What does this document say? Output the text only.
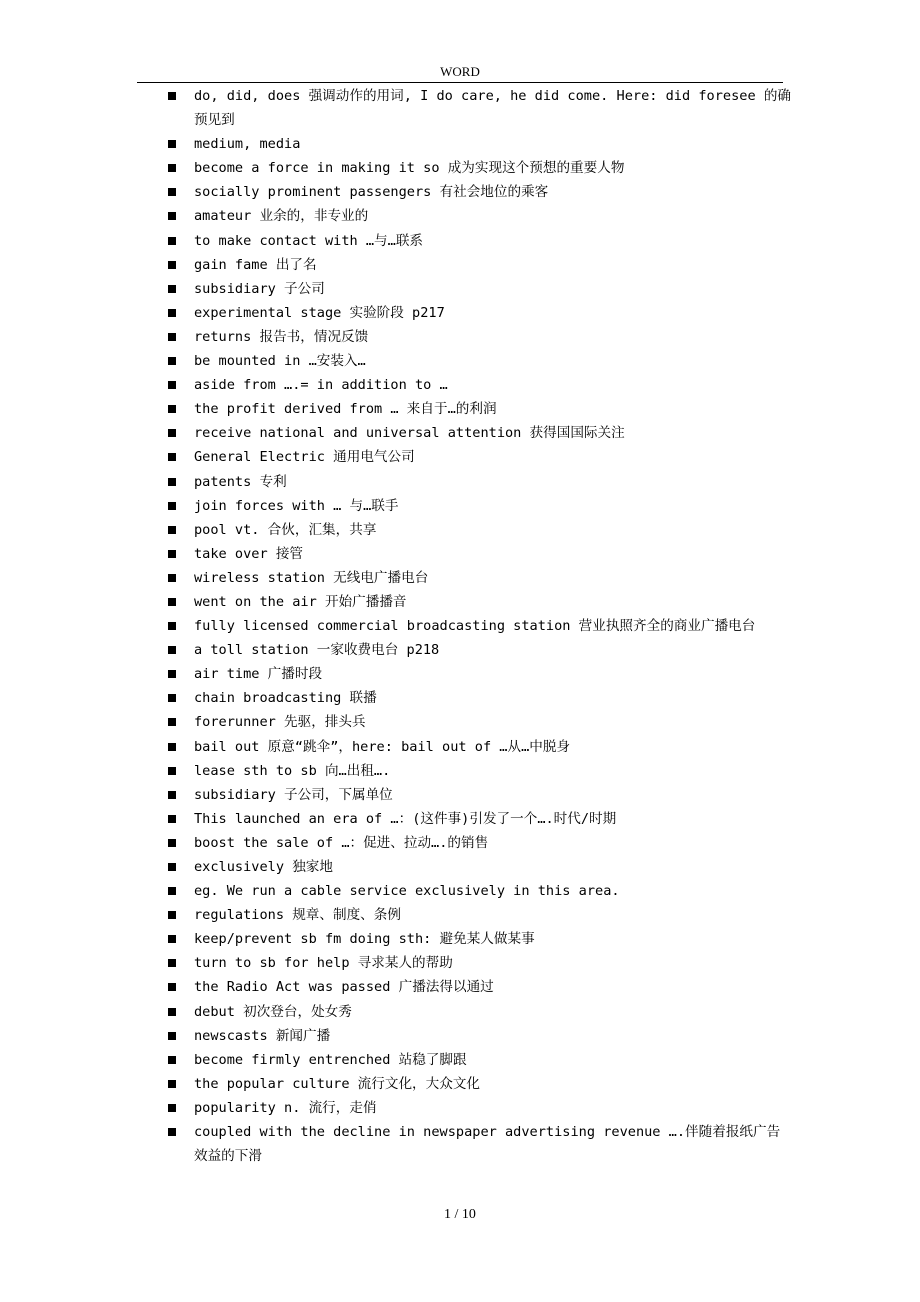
WORD
do, did, does 强调动作的用词, I do care, he did come. Here: did foresee 的确预见到
medium, media
become a force in making it so 成为实现这个预想的重要人物
socially prominent passengers 有社会地位的乘客
amateur 业余的，非专业的
to make contact with …与…联系
gain fame 出了名
subsidiary 子公司
experimental stage 实验阶段 p217
returns 报告书，情况反馈
be mounted in …安装入…
aside from ….= in addition to …
the profit derived from … 来自于…的利润
receive national and universal attention 获得国国际关注
General Electric 通用电气公司
patents 专利
join forces with … 与…联手
pool vt. 合伙，汇集，共享
take over 接管
wireless station 无线电广播电台
went on the air 开始广播播音
fully licensed commercial broadcasting station 营业执照齐全的商业广播电台
a toll station 一家收费电台 p218
air time 广播时段
chain broadcasting 联播
forerunner 先驱，排头兵
bail out 原意“跳伞”，here: bail out of …从…中脱身
lease sth to sb 向…出租….
subsidiary 子公司，下属单位
This launched an era of …：(这件事)引发了一个….时代/时期
boost the sale of …：促进、拉动….的销售
exclusively 独家地
eg. We run a cable service exclusively in this area.
regulations 规章、制度、条例
keep/prevent sb fm doing sth: 避免某人做某事
turn to sb for help 寻求某人的帮助
the Radio Act was passed 广播法得以通过
debut 初次登台，处女秀
newscasts 新闻广播
become firmly entrenched 站稳了脚跟
the popular culture 流行文化，大众文化
popularity n. 流行，走俏
coupled with the decline in newspaper advertising revenue ….伴随着报纸广告效益的下滑
1 / 10
